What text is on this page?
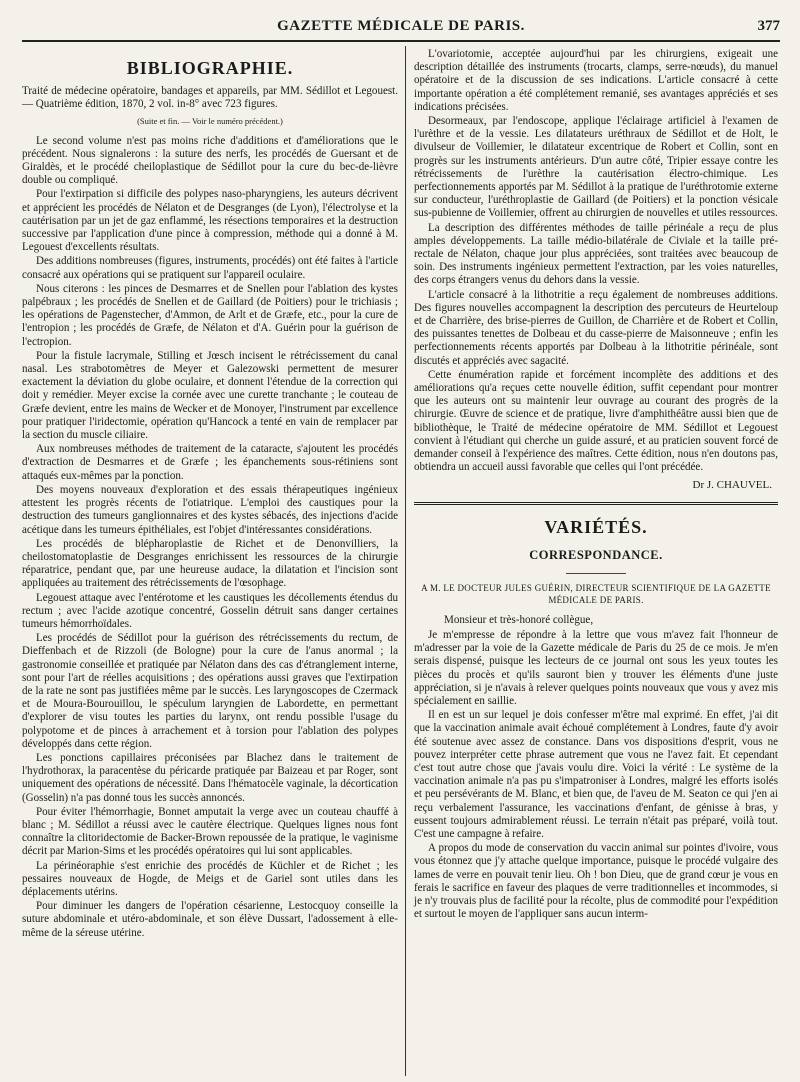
GAZETTE MÉDICALE DE PARIS.	377
BIBLIOGRAPHIE.

Traité de médecine opératoire, bandages et appareils, par MM. Sédillot et Legouest. — Quatrième édition, 1870, 2 vol. in-8° avec 723 figures.

(Suite et fin. — Voir le numéro précédent.)

Le second volume n'est pas moins riche d'additions et d'améliorations que le précédent. Nous signalerons : la suture des nerfs, les procédés de Guersant et de Giraldès, et le procédé cheiloplastique de Sédillot pour la cure du bec-de-lièvre double ou compliqué.

Pour l'extirpation si difficile des polypes naso-pharyngiens, les auteurs décrivent et apprécient les procédés de Nélaton et de Desgranges (de Lyon), l'électrolyse et la cautérisation par un jet de gaz enflammé, les résections temporaires et la destruction successive par l'application d'une pince à compression, méthode qui a donné à M. Legouest d'excellents résultats.

Des additions nombreuses (figures, instruments, procédés) ont été faites à l'article consacré aux opérations qui se pratiquent sur l'appareil oculaire.

Nous citerons : les pinces de Desmarres et de Snellen pour l'ablation des kystes palpébraux ; les procédés de Snellen et de Gaillard (de Poitiers) pour le trichiasis ; les opérations de Pagenstecher, d'Ammon, de Arlt et de Græfe, etc., pour la cure de l'entropion ; les procédés de Græfe, de Nélaton et d'A. Guérin pour la guérison de l'ectropion.

Pour la fistule lacrymale, Stilling et Jœsch incisent le rétrécissement du canal nasal. Les strabotomètres de Meyer et Galezowski permettent de mesurer exactement la déviation du globe oculaire, et donnent l'étendue de la correction qui doit y remédier. Meyer excise la cornée avec une curette tranchante ; le couteau de Græfe devient, entre les mains de Wecker et de Monoyer, l'instrument par excellence pour pratiquer l'iridectomie, opération qu'Hancock a tenté en vain de remplacer par la section du muscle ciliaire.

Aux nombreuses méthodes de traitement de la cataracte, s'ajoutent les procédés d'extraction de Desmarres et de Græfe ; les épanchements sous-rétiniens sont attaqués eux-mêmes par la ponction.

Des moyens nouveaux d'exploration et des essais thérapeutiques ingénieux attestent les progrès récents de l'otiatrique. L'emploi des caustiques pour la destruction des tumeurs ganglionnaires et des kystes sébacés, des injections d'acide acétique dans les tumeurs épithéliales, est l'objet d'intéressantes considérations.

Les procédés de blépharoplastie de Richet et de Denonvilliers, la cheilostomatoplastie de Desgranges enrichissent les ressources de la chirurgie réparatrice, pendant que, par une heureuse audace, la dilatation et l'incision sont appliquées au traitement des rétrécissements de l'œsophage.

Legouest attaque avec l'entérotome et les caustiques les décollements étendus du rectum ; avec l'acide azotique concentré, Gosselin détruit sans danger certaines tumeurs hémorrhoïdales.

Les procédés de Sédillot pour la guérison des rétrécissements du rectum, de Dieffenbach et de Rizzoli (de Bologne) pour la cure de l'anus anormal ; la gastronomie conseillée et pratiquée par Nélaton dans des cas d'étranglement interne, sont pour l'art de réelles acquisitions ; des opérations aussi graves que l'extirpation de la rate ne sont pas justifiées même par le succès. Les laryngoscopes de Czermack et de Moura-Bourouillou, le spéculum laryngien de Labordette, en permettant d'explorer de visu toutes les parties du larynx, ont rendu possible l'usage du polypotome et de pinces à arrachement et à torsion pour l'ablation des polypes développés dans cette région.

Les ponctions capillaires préconisées par Blachez dans le traitement de l'hydrothorax, la paracentèse du péricarde pratiquée par Baizeau et par Roger, sont uniquement des opérations de nécessité. Dans l'hématocèle vaginale, la décortication (Gosselin) n'a pas donné tous les succès annoncés.

Pour éviter l'hémorrhagie, Bonnet amputait la verge avec un couteau chauffé à blanc ; M. Sédillot a réussi avec le cautère électrique. Quelques lignes nous font connaître la clitoridectomie de Backer-Brown repoussée de la pratique, le vaginisme décrit par Marion-Sims et les procédés opératoires qui lui sont applicables.

La périnéoraphie s'est enrichie des procédés de Küchler et de Richet ; les pessaires nouveaux de Hogde, de Meigs et de Gariel sont utiles dans les déplacements utérins.

Pour diminuer les dangers de l'opération césarienne, Lestocquoy conseille la suture abdominale et utéro-abdominale, et son élève Dussart, l'adossement à elle-même de la séreuse utérine.

L'ovariotomie, acceptée aujourd'hui par les chirurgiens, exigeait une description détaillée des instruments (trocarts, clamps, serre-nœuds), du manuel opératoire et de la discussion de ses indications. L'article consacré à cette importante opération a été complétement remanié, ses avantages appréciés et ses indications précisées.

Desormeaux, par l'endoscope, applique l'éclairage artificiel à l'examen de l'urèthre et de la vessie. Les dilatateurs uréthraux de Sédillot et de Holt, le divulseur de Voillemier, le dilatateur excentrique de Robert et Collin, sont en progrès sur les instruments antérieurs. D'un autre côté, Tripier essaye contre les rétrécissements de l'urèthre la cautérisation électro-chimique. Les perfectionnements apportés par M. Sédillot à la pratique de l'uréthrotomie externe sur conducteur, l'uréthroplastie de Gaillard (de Poitiers) et la ponction vésicale sus-pubienne de Voillemier, offrent au chirurgien de nouvelles et utiles ressources.

La description des différentes méthodes de taille périnéale a reçu de plus amples développements. La taille médio-bilatérale de Civiale et la taille pré-rectale de Nélaton, chaque jour plus appréciées, sont traitées avec beaucoup de soin. Des instruments ingénieux permettent l'extraction, par les voies naturelles, des corps étrangers venus du dehors dans la vessie.

L'article consacré à la lithotritie a reçu également de nombreuses additions. Des figures nouvelles accompagnent la description des percuteurs de Heurteloup et de Charrière, des brise-pierres de Guillon, de Charrière et de Robert et Collin, des puissantes tenettes de Dolbeau et du casse-pierre de Maisonneuve ; enfin les perfectionnements récents apportés par Dolbeau à la lithotritie périnéale, sont discutés et appréciés avec sagacité.

Cette énumération rapide et forcément incomplète des additions et des améliorations qu'a reçues cette nouvelle édition, suffit cependant pour montrer que les auteurs ont su maintenir leur ouvrage au courant des progrès de la chirurgie. Œuvre de science et de pratique, livre d'amphithéâtre aussi bien que de bibliothèque, le Traité de médecine opératoire de MM. Sédillot et Legouest convient à l'étudiant qui cherche un guide assuré, et au praticien souvent forcé de demander conseil à l'expérience des maîtres. Cette édition, nous n'en doutons pas, obtiendra un accueil aussi favorable que celles qui l'ont précédée.

Dr J. CHAUVEL.

VARIÉTÉS.
CORRESPONDANCE.

A M. LE DOCTEUR JULES GUÉRIN, DIRECTEUR SCIENTIFIQUE DE LA GAZETTE MÉDICALE DE PARIS.

Monsieur et très-honoré collègue,

Je m'empresse de répondre à la lettre que vous m'avez fait l'honneur de m'adresser par la voie de la Gazette médicale de Paris du 25 de ce mois. Je m'en serais dispensé, puisque les lecteurs de ce journal ont sous les yeux toutes les pièces du procès et qu'ils sauront bien y trouver les éléments d'une juste appréciation, si je n'avais à relever quelques points nouveaux que vous y avez mis spécialement en saillie.

Il en est un sur lequel je dois confesser m'être mal exprimé. En effet, j'ai dit que la vaccination animale avait échoué complétement à Londres, faute d'y avoir été soutenue avec assez de constance. Dans vos dispositions d'esprit, vous ne pouvez interpréter cette phrase autrement que vous ne l'avez fait. Et cependant c'est tout autre chose que j'avais voulu dire. Voici la vérité : Le système de la vaccination animale n'a pas pu s'impatroniser à Londres, malgré les efforts isolés et peu persévérants de M. Blanc, et bien que, de l'aveu de M. Seaton ce qui j'en ai reçu verbalement l'assurance, les vaccinations d'enfant, de génisse à bras, y eussent toujours admirablement réussi. Le terrain n'était pas préparé, voilà tout. C'est une campagne à refaire.

A propos du mode de conservation du vaccin animal sur pointes d'ivoire, vous vous étonnez que j'y attache quelque importance, puisque le procédé vulgaire des lames de verre en pouvait tenir lieu. Oh ! bon Dieu, que de grand cœur je vous en ferais le sacrifice en faveur des plaques de verre traditionnelles et incommodes, si je n'y trouvais plus de facilité pour la récolte, plus de commodité pour l'expédition et surtout le moyen de l'appliquer sans aucun interm-
